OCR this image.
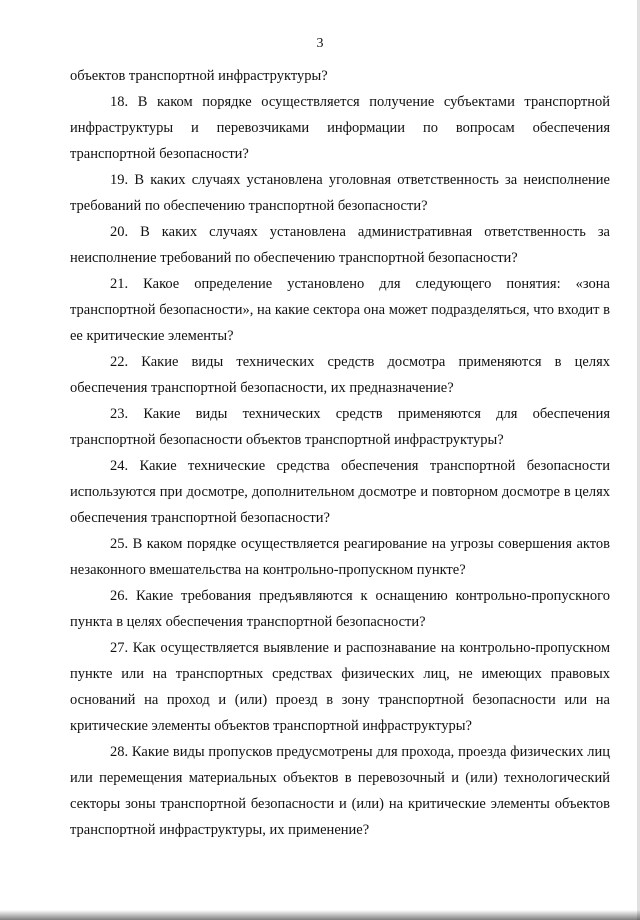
3

объектов транспортной инфраструктуры?

18. В каком порядке осуществляется получение субъектами транспортной инфраструктуры и перевозчиками информации по вопросам обеспечения транспортной безопасности?

19. В каких случаях установлена уголовная ответственность за неисполнение требований по обеспечению транспортной безопасности?

20. В каких случаях установлена административная ответственность за неисполнение требований по обеспечению транспортной безопасности?

21. Какое определение установлено для следующего понятия: «зона транспортной безопасности», на какие сектора она может подразделяться, что входит в ее критические элементы?

22. Какие виды технических средств досмотра применяются в целях обеспечения транспортной безопасности, их предназначение?

23. Какие виды технических средств применяются для обеспечения транспортной безопасности объектов транспортной инфраструктуры?

24. Какие технические средства обеспечения транспортной безопасности используются при досмотре, дополнительном досмотре и повторном досмотре в целях обеспечения транспортной безопасности?

25. В каком порядке осуществляется реагирование на угрозы совершения актов незаконного вмешательства на контрольно-пропускном пункте?

26. Какие требования предъявляются к оснащению контрольно-пропускного пункта в целях обеспечения транспортной безопасности?

27. Как осуществляется выявление и распознавание на контрольно-пропускном пункте или на транспортных средствах физических лиц, не имеющих правовых оснований на проход и (или) проезд в зону транспортной безопасности или на критические элементы объектов транспортной инфраструктуры?

28. Какие виды пропусков предусмотрены для прохода, проезда физических лиц или перемещения материальных объектов в перевозочный и (или) технологический секторы зоны транспортной безопасности и (или) на критические элементы объектов транспортной инфраструктуры, их применение?
